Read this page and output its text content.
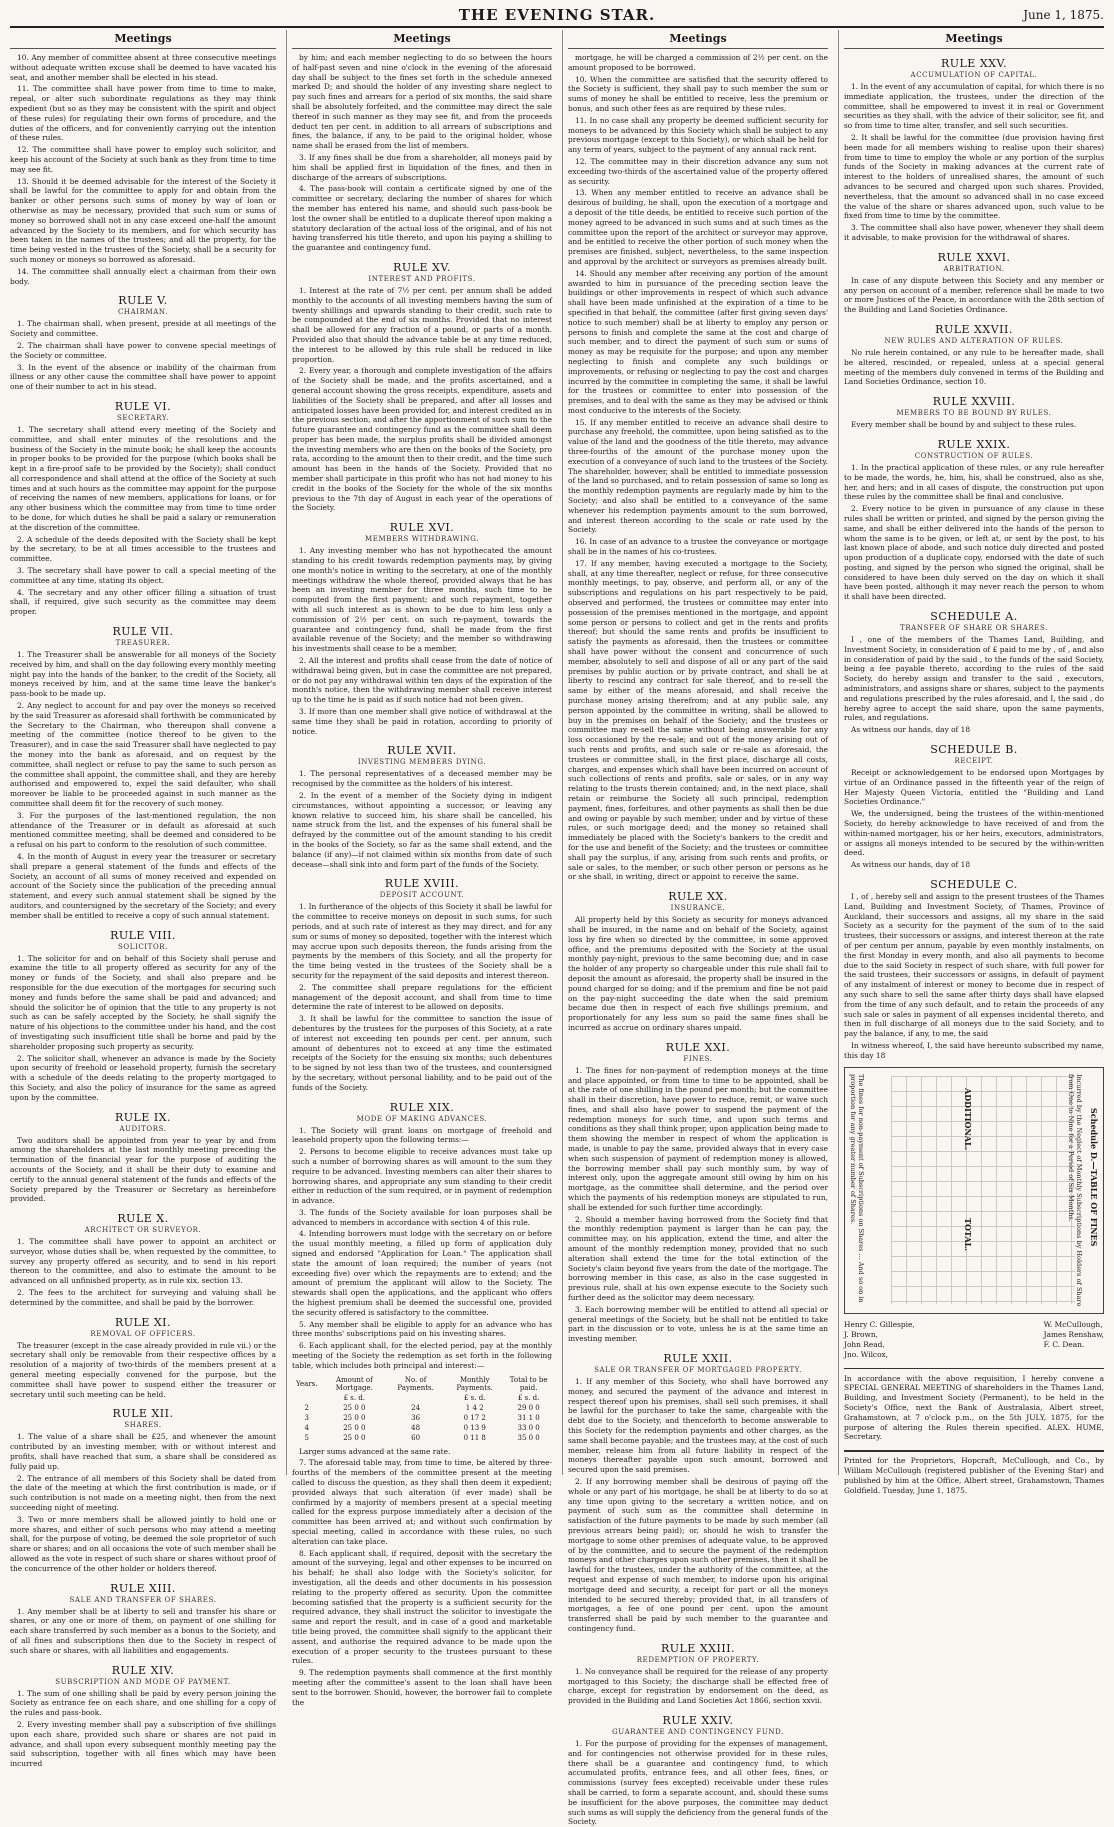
THE EVENING STAR.	June 1, 1875.
Meetings

10. Any member of committee absent at three consecutive meetings without adequate written excuse shall be deemed to have vacated his seat, and another member shall be elected in his stead.

11. The committee shall have power from time to time to make, repeal, or alter such subordinate regulations as they may think expedient (but so as they may be consistent with the spirit and object of these rules) for regulating their own forms of procedure, and the duties of the officers, and for conveniently carrying out the intention of these rules.

12. The committee shall have power to employ such solicitor, and keep his account of the Society at such bank as they from time to time may see fit.

13. Should it be deemed advisable for the interest of the Society it shall be lawful for the committee to apply for and obtain from the banker or other persons such sums of money by way of loan or otherwise as may be necessary, provided that such sum or sums of money so borrowed shall not in any case exceed one-half the amount advanced by the Society to its members, and for which security has been taken in the names of the trustees; and all the property, for the time being vested in the trustees of the Society, shall be a security for such money or moneys so borrowed as aforesaid.

14. The committee shall annually elect a chairman from their own body.

RULE V.
CHAIRMAN.

1. The chairman shall, when present, preside at all meetings of the Society and committee.

2. The chairman shall have power to convene special meetings of the Society or committee.

3. In the event of the absence or inability of the chairman from illness or any other cause the committee shall have power to appoint one of their number to act in his stead.

RULE VI.
SECRETARY.

1. The secretary shall attend every meeting of the Society and committee, and shall enter minutes of the resolutions and the business of the Society in the minute book; he shall keep the accounts in proper books to be provided for the purpose (which books shall be kept in a fire-proof safe to be provided by the Society); shall conduct all correspondence and shall attend at the office of the Society at such times and at such hours as the committee may appoint for the purpose of receiving the names of new members, applications for loans, or for any other business which the committee may from time to time order to be done, for which duties he shall be paid a salary or remuneration at the discretion of the committee.

2. A schedule of the deeds deposited with the Society shall be kept by the secretary, to be at all times accessible to the trustees and committee.

3. The secretary shall have power to call a special meeting of the committee at any time, stating its object.

4. The secretary and any other officer filling a situation of trust shall, if required, give such security as the committee may deem proper.

RULE VII.
TREASURER.

1. The Treasurer shall be answerable for all moneys of the Society received by him, and shall on the day following every monthly meeting night pay into the hands of the banker, to the credit of the Society, all moneys received by him, and at the same time leave the banker's pass-book to be made up.

2. Any neglect to account for and pay over the moneys so received by the said Treasurer as aforesaid shall forthwith be communicated by the Secretary to the Chairman, who thereupon shall convene a meeting of the committee (notice thereof to be given to the Treasurer), and in case the said Treasurer shall have neglected to pay the money into the bank as aforesaid, and on request by the committee, shall neglect or refuse to pay the same to such person as the committee shall appoint, the committee shall, and they are hereby authorised and empowered to, expel the said defaulter, who shall moreover be liable to be proceeded against in such manner as the committee shall deem fit for the recovery of such money.

3. For the purposes of the last-mentioned regulation, the non attendance of the Treasurer or in default as aforesaid at such mentioned committee meeting, shall be deemed and considered to be a refusal on his part to conform to the resolution of such committee.

4. In the month of August in every year the treasurer or secretary shall prepare a general statement of the funds and effects of the Society, an account of all sums of money received and expended on account of the Society since the publication of the preceding annual statement, and every such annual statement shall be signed by the auditors, and countersigned by the secretary of the Society; and every member shall be entitled to receive a copy of such annual statement.

RULE VIII.
SOLICITOR.

1. The solicitor for and on behalf of this Society shall peruse and examine the title to all property offered as security for any of the money or funds of the Society, and shall also prepare and be responsible for the due execution of the mortgages for securing such money and funds before the same shall be paid and advanced; and should the solicitor be of opinion that the title to any property is not such as can be safely accepted by the Society, he shall signify the nature of his objections to the committee under his hand, and the cost of investigating such insufficient title shall be borne and paid by the shareholder proposing such property as security.

2. The solicitor shall, whenever an advance is made by the Society upon security of freehold or leasehold property, furnish the secretary with a schedule of the deeds relating to the property mortgaged to this Society, and also the policy of insurance for the same as agreed upon by the committee.

RULE IX.
AUDITORS.

Two auditors shall be appointed from year to year by and from among the shareholders at the last monthly meeting preceding the termination of the financial year for the purpose of auditing the accounts of the Society, and it shall be their duty to examine and certify to the annual general statement of the funds and effects of the Society prepared by the Treasurer or Secretary as hereinbefore provided.

RULE X.
ARCHITECT OR SURVEYOR.

1. The committee shall have power to appoint an architect or surveyor, whose duties shall be, when requested by the committee, to survey any property offered as security, and to send in his report thereon to the committee, and also to estimate the amount to be advanced on all unfinished property, as in rule xix, section 13.

2. The fees to the architect for surveying and valuing shall be determined by the committee, and shall be paid by the borrower.

RULE XI.
REMOVAL OF OFFICERS.

The treasurer (except in the case already provided in rule vii.) or the secretary shall only be removable from their respective offices by a resolution of a majority of two-thirds of the members present at a general meeting especially convened for the purpose, but the committee shall have power to suspend either the treasurer or secretary until such meeting can be held.

RULE XII.
SHARES.

1. The value of a share shall be £25, and whenever the amount contributed by an investing member, with or without interest and profits, shall have reached that sum, a share shall be considered as fully paid up.

2. The entrance of all members of this Society shall be dated from the date of the meeting at which the first contribution is made, or if such contribution is not made on a meeting night, then from the next succeeding night of meeting.

3. Two or more members shall be allowed jointly to hold one or more shares, and either of such persons who may attend a meeting shall, for the purpose of voting, be deemed the sole proprietor of such share or shares; and on all occasions the vote of such member shall be allowed as the vote in respect of such share or shares without proof of the concurrence of the other holder or holders thereof.

RULE XIII.
SALE AND TRANSFER OF SHARES.

1. Any member shall be at liberty to sell and transfer his share or shares, or any one or more of them, on payment of one shilling for each share transferred by such member as a bonus to the Society, and of all fines and subscriptions then due to the Society in respect of such share or shares, with all liabilities and engagements.

RULE XIV.
SUBSCRIPTION AND MODE OF PAYMENT.

1. The sum of one shilling shall be paid by every person joining the Society as entrance fee on each share, and one shilling for a copy of the rules and pass-book.

2. Every investing member shall pay a subscription of five shillings upon each share, provided such share or shares are not paid in advance, and shall upon every subsequent monthly meeting pay the said subscription, together with all fines which may have been incurred

Meetings

by him; and each member neglecting to do so between the hours of half-past seven and nine o'clock in the evening of the aforesaid day shall be subject to the fines set forth in the schedule annexed marked D; and should the holder of any investing share neglect to pay such fines and arrears for a period of six months, the said share shall be absolutely forfeited, and the committee may direct the sale thereof in such manner as they may see fit, and from the proceeds deduct ten per cent. in addition to all arrears of subscriptions and fines, the balance, if any, to be paid to the original holder, whose name shall be erased from the list of members.

3. If any fines shall be due from a shareholder, all moneys paid by him shall be applied first in liquidation of the fines, and then in discharge of the arrears of subscriptions.

4. The pass-book will contain a certificate signed by one of the committee or secretary, declaring the number of shares for which the member has entered his name, and should such pass-book be lost the owner shall be entitled to a duplicate thereof upon making a statutory declaration of the actual loss of the original, and of his not having transferred his title thereto, and upon his paying a shilling to the guarantee and contingency fund.

RULE XV.
INTEREST AND PROFITS.

1. Interest at the rate of 7½ per cent. per annum shall be added monthly to the accounts of all investing members having the sum of twenty shillings and upwards standing to their credit, such rate to be compounded at the end of six months. Provided that no interest shall be allowed for any fraction of a pound, or parts of a month. Provided also that should the advance table be at any time reduced, the interest to be allowed by this rule shall be reduced in like proportion.

2. Every year, a thorough and complete investigation of the affairs of the Society shall be made, and the profits ascertained, and a general account showing the gross receipts, expenditure, assets and liabilities of the Society shall be prepared, and after all losses and anticipated losses have been provided for, and interest credited as in the previous section, and after the apportionment of such sum to the future guarantee and contingency fund as the committee shall deem proper has been made, the surplus profits shall be divided amongst the investing members who are then on the books of the Society, pro rata, according to the amount then to their credit, and the time such amount has been in the hands of the Society. Provided that no member shall participate in this profit who has not had money to his credit in the books of the Society for the whole of the six months previous to the 7th day of August in each year of the operations of the Society.

RULE XVI.
MEMBERS WITHDRAWING.

1. Any investing member who has not hypothecated the amount standing to his credit towards redemption payments may, by giving one month's notice in writing to the secretary, at one of the monthly meetings withdraw the whole thereof, provided always that he has been an investing member for three months, such time to be computed from the first payment; and such repayment, together with all such interest as is shown to be due to him less only a commission of 2½ per cent. on such re-payment, towards the guarantee and contingency fund, shall be made from the first available revenue of the Society; and the member so withdrawing his investments shall cease to be a member.

2. All the interest and profits shall cease from the date of notice of withdrawal being given, but in case the committee are not prepared, or do not pay any withdrawal within ten days of the expiration of the month's notice, then the withdrawing member shall receive interest up to the time he is paid as if such notice had not been given.

3. If more than one member shall give notice of withdrawal at the same time they shall be paid in rotation, according to priority of notice.

RULE XVII.
INVESTING MEMBERS DYING.

1. The personal representatives of a deceased member may be recognised by the committee as the holders of his interest.

2. In the event of a member of the Society dying in indigent circumstances, without appointing a successor, or leaving any known relative to succeed him, his share shall be cancelled, his name struck from the list, and the expenses of his funeral shall be defrayed by the committee out of the amount standing to his credit in the books of the Society, so far as the same shall extend, and the balance (if any)—if not claimed within six months from date of such decease—shall sink into and form part of the funds of the Society.

RULE XVIII.
DEPOSIT ACCOUNT.

1. In furtherance of the objects of this Society it shall be lawful for the committee to receive moneys on deposit in such sums, for such periods, and at such rate of interest as they may direct, and for any sum or sums of money so deposited, together with the interest which may accrue upon such deposits thereon, the funds arising from the payments by the members of this Society, and all the property for the time being vested in the trustees of the Society shall be a security for the repayment of the said deposits and interest thereon.

2. The committee shall prepare regulations for the efficient management of the deposit account, and shall from time to time determine the rate of interest to be allowed on deposits.

3. It shall be lawful for the committee to sanction the issue of debentures by the trustees for the purposes of this Society, at a rate of interest not exceeding ten pounds per cent. per annum, such amount of debentures not to exceed at any time the estimated receipts of the Society for the ensuing six months; such debentures to be signed by not less than two of the trustees, and countersigned by the secretary, without personal liability, and to be paid out of the funds of the Society.

RULE XIX.
MODE OF MAKING ADVANCES.

1. The Society will grant loans on mortgage of freehold and leasehold property upon the following terms:—

2. Persons to become eligible to receive advances must take up such a number of borrowing shares as will amount to the sum they require to be advanced. Investing members can alter their shares to borrowing shares, and appropriate any sum standing to their credit either in reduction of the sum required, or in payment of redemption in advance.

3. The funds of the Society available for loan purposes shall be advanced to members in accordance with section 4 of this rule.

4. Intending borrowers must lodge with the secretary on or before the usual monthly meeting, a filled up form of application duly signed and endorsed "Application for Loan." The application shall state the amount of loan required; the number of years (not exceeding five) over which the repayments are to extend; and the amount of premium the applicant will allow to the Society. The stewards shall open the applications, and the applicant who offers the highest premium shall be deemed the successful one, provided the security offered is satisfactory to the committee.

5. Any member shall be eligible to apply for an advance who has three months' subscriptions paid on his investing shares.

6. Each applicant shall, for the elected period, pay at the monthly meeting of the Society the redemption as set forth in the following table, which includes both principal and interest:—

Years.	Amount of Mortgage.	No. of Payments.	Monthly Payments.	Total to be paid.
	£ s. d.		£ s. d.	£ s. d.
2	25 0 0	24	1 4 2	29 0 0
3	25 0 0	36	0 17 2	31 1 0
4	25 0 0	48	0 13 9	33 0 0
5	25 0 0	60	0 11 8	35 0 0

Larger sums advanced at the same rate.

7. The aforesaid table may, from time to time, be altered by three-fourths of the members of the committee present at the meeting called to discuss the question, as they shall then deem it expedient; provided always that such alteration (if ever made) shall be confirmed by a majority of members present at a special meeting called for the express purpose immediately after a decision of the committee has been arrived at; and without such confirmation by special meeting, called in accordance with these rules, no such alteration can take place.

8. Each applicant shall, if required, deposit with the secretary the amount of the surveying, legal and other expenses to be incurred on his behalf; he shall also lodge with the Society's solicitor, for investigation, all the deeds and other documents in his possession relating to the property offered as security. Upon the committee becoming satisfied that the property is a sufficient security for the required advance, they shall instruct the solicitor to investigate the same and report the result, and in case of a good and marketable title being proved, the committee shall signify to the applicant their assent, and authorise the required advance to be made upon the execution of a proper security to the trustees pursuant to these rules.

9. The redemption payments shall commence at the first monthly meeting after the committee's assent to the loan shall have been sent to the borrower. Should, however, the borrower fail to complete the

Meetings

mortgage, he will be charged a commission of 2½ per cent. on the amount proposed to be borrowed.

10. When the committee are satisfied that the security offered to the Society is sufficient, they shall pay to such member the sum or sums of money he shall be entitled to receive, less the premium or bonus, and such other fees as are required by these rules.

11. In no case shall any property be deemed sufficient security for moneys to be advanced by this Society which shall be subject to any previous mortgage (except to this Society), or which shall be held for any term of years, subject to the payment of any annual rack rent.

12. The committee may in their discretion advance any sum not exceeding two-thirds of the ascertained value of the property offered as security.

13. When any member entitled to receive an advance shall be desirous of building, he shall, upon the execution of a mortgage and a deposit of the title deeds, be entitled to receive such portion of the money agreed to be advanced in such sums and at such times as the committee upon the report of the architect or surveyor may approve, and be entitled to receive the other portion of such money when the premises are finished, subject, nevertheless, to the same inspection and approval by the architect or surveyors as premises already built.

14. Should any member after receiving any portion of the amount awarded to him in pursuance of the preceding section leave the buildings or other improvements in respect of which such advance shall have been made unfinished at the expiration of a time to be specified in that behalf, the committee (after first giving seven days' notice to such member) shall be at liberty to employ any person or persons to finish and complete the same at the cost and charge of such member, and to direct the payment of such sum or sums of money as may be requisite for the purpose; and upon any member neglecting to finish and complete any such buildings or improvements, or refusing or neglecting to pay the cost and charges incurred by the committee in completing the same, it shall be lawful for the trustees or committee to enter into possession of the premises, and to deal with the same as they may be advised or think most conducive to the interests of the Society.

15. If any member entitled to receive an advance shall desire to purchase any freehold, the committee, upon being satisfied as to the value of the land and the goodness of the title thereto, may advance three-fourths of the amount of the purchase money upon the execution of a conveyance of such land to the trustees of the Society. The shareholder, however, shall be entitled to immediate possession of the land so purchased, and to retain possession of same so long as the monthly redemption payments are regularly made by him to the Society; and also shall be entitled to a conveyance of the same whenever his redemption payments amount to the sum borrowed, and interest thereon according to the scale or rate used by the Society.

16. In case of an advance to a trustee the conveyance or mortgage shall be in the names of his co-trustees.

17. If any member, having executed a mortgage to the Society, shall, at any time thereafter, neglect or refuse, for three consecutive monthly meetings, to pay, observe, and perform all, or any of the subscriptions and regulations on his part respectively to be paid, observed and performed, the trustees or committee may enter into possession of the premises mentioned in the mortgage, and appoint some person or persons to collect and get in the rents and profits thereof; but should the same rents and profits be insufficient to satisfy the payments as aforesaid, then the trustees or committee shall have power without the consent and concurrence of such member, absolutely to sell and dispose of all or any part of the said premises by public auction or by private contract, and shall be at liberty to rescind any contract for sale thereof, and to re-sell the same by either of the means aforesaid, and shall receive the purchase money arising therefrom; and at any public sale, any person appointed by the committee in writing, shall be allowed to buy in the premises on behalf of the Society; and the trustees or committee may re-sell the same without being answerable for any loss occasioned by the re-sale; and out of the money arising out of such rents and profits, and such sale or re-sale as aforesaid, the trustees or committee shall, in the first place, discharge all costs, charges, and expenses which shall have been incurred on account of such collections of rents and profits, sale or sales, or in any way relating to the trusts therein contained; and, in the next place, shall retain or reimburse the Society all such principal, redemption payment, fines, forfeitures, and other payments as shall then be due and owing or payable by such member, under and by virtue of these rules, or such mortgage deed; and the money so retained shall immediately be placed with the Society's bankers to the credit and for the use and benefit of the Society; and the trustees or committee shall pay the surplus, if any, arising from such rents and profits, or sale or sales, to the member, or such other person or persons as he or she shall, in writing, direct or appoint to receive the same.

RULE XX.
INSURANCE.

All property held by this Society as security for moneys advanced shall be insured, in the name and on behalf of the Society, against loss by fire when so directed by the committee, in some approved office, and the premiums deposited with the Society at the usual monthly pay-night, previous to the same becoming due; and in case the holder of any property so chargeable under this rule shall fail to deposit the amount as aforesaid, the property shall be insured in the pound charged for so doing; and if the premium and fine be not paid on the pay-night succeeding the date when the said premium became due then in respect of each five shillings premium, and proportionately for any less sum so paid the same fines shall be incurred as accrue on ordinary shares unpaid.

RULE XXI.
FINES.

1. The fines for non-payment of redemption moneys at the time and place appointed, or from time to time to be appointed, shall be at the rate of one shilling in the pound per month; but the committee shall in their discretion, have power to reduce, remit, or waive such fines, and shall also have power to suspend the payment of the redemption moneys for such time, and upon such terms and conditions as they shall think proper, upon application being made to them showing the member in respect of whom the application is made, is unable to pay the same, provided always that in every case when such suspension of payment of redemption money is allowed, the borrowing member shall pay such monthly sum, by way of interest only, upon the aggregate amount still owing by him on his mortgage, as the committee shall determine, and the period over which the payments of his redemption moneys are stipulated to run, shall be extended for such further time accordingly.

2. Should a member having borrowed from the Society find that the monthly redemption payment is larger than he can pay, the committee may, on his application, extend the time, and alter the amount of the monthly redemption money, provided that no such alteration shall extend the time for the total extinction of the Society's claim beyond five years from the date of the mortgage. The borrowing member in this case, as also in the case suggested in previous rule, shall at his own expense execute to the Society such further deed as the solicitor may deem necessary.

3. Each borrowing member will be entitled to attend all special or general meetings of the Society, but he shall not be entitled to take part in the discussion or to vote, unless he is at the same time an investing member.

RULE XXII.
SALE OR TRANSFER OF MORTGAGED PROPERTY.

1. If any member of this Society, who shall have borrowed any money, and secured the payment of the advance and interest in respect thereof upon his premises, shall sell such premises, it shall be lawful for the purchaser to take the same, chargeable with the debt due to the Society, and thenceforth to become answerable to this Society for the redemption payments and other charges, as the same shall become payable; and the trustees may, at the cost of such member, release him from all future liability in respect of the moneys thereafter payable upon such amount, borrowed and secured upon the said premises.

2. If any borrowing member shall be desirous of paying off the whole or any part of his mortgage, he shall be at liberty to do so at any time upon giving to the secretary a written notice, and on payment of such sum as the committee shall determine in satisfaction of the future payments to be made by such member (all previous arrears being paid); or, should he wish to transfer the mortgage to some other premises of adequate value, to be approved of by the committee, and to secure the payment of the redemption moneys and other charges upon such other premises, then it shall be lawful for the trustees, under the authority of the committee, at the request and expense of such member, to indorse upon his original mortgage deed and security, a receipt for part or all the moneys intended to be secured thereby; provided that, in all transfers of mortgages, a fee of one pound per cent. upon the amount transferred shall be paid by such member to the guarantee and contingency fund.

RULE XXIII.
REDEMPTION OF PROPERTY.

1. No conveyance shall be required for the release of any property mortgaged to this Society; the discharge shall be effected free of charge, except for registration by endorsement on the deed, as provided in the Building and Land Societies Act 1866, section xxvii.

RULE XXIV.
GUARANTEE AND CONTINGENCY FUND.

1. For the purpose of providing for the expenses of management, and for contingencies not otherwise provided for in these rules, there shall be a guarantee and contingency fund, to which accumulated profits, entrance fees, and all other fees, fines, or commissions (survey fees excepted) receivable under these rules shall be carried, to form a separate account, and, should these sums be insufficient for the above purposes, the committee may deduct such sums as will supply the deficiency from the general funds of the Society.

Meetings
RULE XXV.
ACCUMULATION OF CAPITAL.

1. In the event of any accumulation of capital, for which there is no immediate application, the trustees, under the direction of the committee, shall be empowered to invest it in real or Government securities as they shall, with the advice of their solicitor, see fit, and so from time to time alter, transfer, and sell such securities.

2. It shall be lawful for the committee (due provision having first been made for all members wishing to realise upon their shares) from time to time to employ the whole or any portion of the surplus funds of the Society in making advances at the current rate of interest to the holders of unrealised shares, the amount of such advances to be secured and charged upon such shares. Provided, nevertheless, that the amount so advanced shall in no case exceed the value of the share or shares advanced upon, such value to be fixed from time to time by the committee.

3. The committee shall also have power, whenever they shall deem it advisable, to make provision for the withdrawal of shares.

RULE XXVI.
ARBITRATION.

In case of any dispute between this Society and any member or any person on account of a member, reference shall be made to two or more Justices of the Peace, in accordance with the 28th section of the Building and Land Societies Ordinance.

RULE XXVII.
NEW RULES AND ALTERATION OF RULES.

No rule herein contained, or any rule to be hereafter made, shall be altered, rescinded, or repealed, unless at a special general meeting of the members duly convened in terms of the Building and Land Societies Ordinance, section 10.

RULE XXVIII.
MEMBERS TO BE BOUND BY RULES.

Every member shall be bound by and subject to these rules.

RULE XXIX.
CONSTRUCTION OF RULES.

1. In the practical application of these rules, or any rule hereafter to be made, the words, he, him, his, shall be construed, also as she, her, and hers; and in all cases of dispute, the construction put upon these rules by the committee shall be final and conclusive.

2. Every notice to be given in pursuance of any clause in these rules shall be written or printed, and signed by the person giving the same, and shall be either delivered into the hands of the person to whom the same is to be given, or left at, or sent by the post, to his last known place of abode, and such notice duly directed and posted upon production of a duplicate copy, endorsed with the date of such posting, and signed by the person who signed the original, shall be considered to have been duly served on the day on which it shall have been posted, although it may never reach the person to whom it shall have been directed.

SCHEDULE A.
TRANSFER OF SHARE OR SHARES.

I , one of the members of the Thames Land, Building, and Investment Society, in consideration of £ paid to me by , of , and also in consideration of paid by the said , to the funds of the said Society, being a fee payable thereto, according to the rules of the said Society, do hereby assign and transfer to the said , executors, administrators, and assigns share or shares, subject to the payments and regulations prescribed by the rules aforesaid, and I, the said , do hereby agree to accept the said share, upon the same payments, rules, and regulations.

As witness our hands, day of 18

SCHEDULE B.
RECEIPT.

Receipt or acknowledgement to be endorsed upon Mortgages by virtue of an Ordinance passed in the fifteenth year of the reign of Her Majesty Queen Victoria, entitled the "Building and Land Societies Ordinance."

We, the undersigned, being the trustees of the within-mentioned Society, do hereby acknowledge to have received of and from the within-named mortgager, his or her heirs, executors, administrators, or assigns all moneys intended to be secured by the within-written deed.

As witness our hands, day of 18

SCHEDULE C.

I , of , hereby sell and assign to the present trustees of the Thames Land, Building and Investment Society, of Thames, Province of Auckland, their successors and assigns, all my share in the said Society as a security for the payment of the sum of to the said trustees, their successors or assigns, and interest thereon at the rate of per centum per annum, payable by even monthly instalments, on the first Monday in every month, and also all payments to become due to the said Society in respect of such share, with full power for the said trustees, their successors or assigns, in default of payment of any instalment of interest or money to become due in respect of any such share to sell the same after thirty days shall have elapsed from the time of any such default, and to retain the proceeds of any such sale or sales in payment of all expenses incidental thereto, and then in full discharge of all moneys due to the said Society, and to pay the balance, if any, to me, the said

In witness whereof, I, the said have hereunto subscribed my name, this day 18

Schedule D.—TABLE OF FINES
Incurred by the Neglect of Monthly Subscriptions by Holders of Share from One to Nine for a Period of Six Months.
ADDITIONAL.
TOTAL.
The fines for non-payment of Subscriptions on Shares ... And so on in proportion for any greater number of Shares.
Henry C. Gillespie,
J. Brown,
John Read,
Jno. Wilcox,
W. McCullough,
James Renshaw,
F. C. Dean.
In accordance with the above requisition, I hereby convene a SPECIAL GENERAL MEETING of shareholders in the Thames Land, Building, and Investment Society (Permanent), to be held in the Society's Office, next the Bank of Australasia, Albert street, Grahamstown, at 7 o'clock p.m., on the 5th JULY, 1875, for the purpose of altering the Rules therein specified. ALEX. HUME, Secretary.
Printed for the Proprietors, Hopcraft, McCullough, and Co., by William McCullough (registered publisher of the Evening Star) and published by him at the Office, Albert street, Grahamstown, Thames Goldfield. Tuesday, June 1, 1875.
